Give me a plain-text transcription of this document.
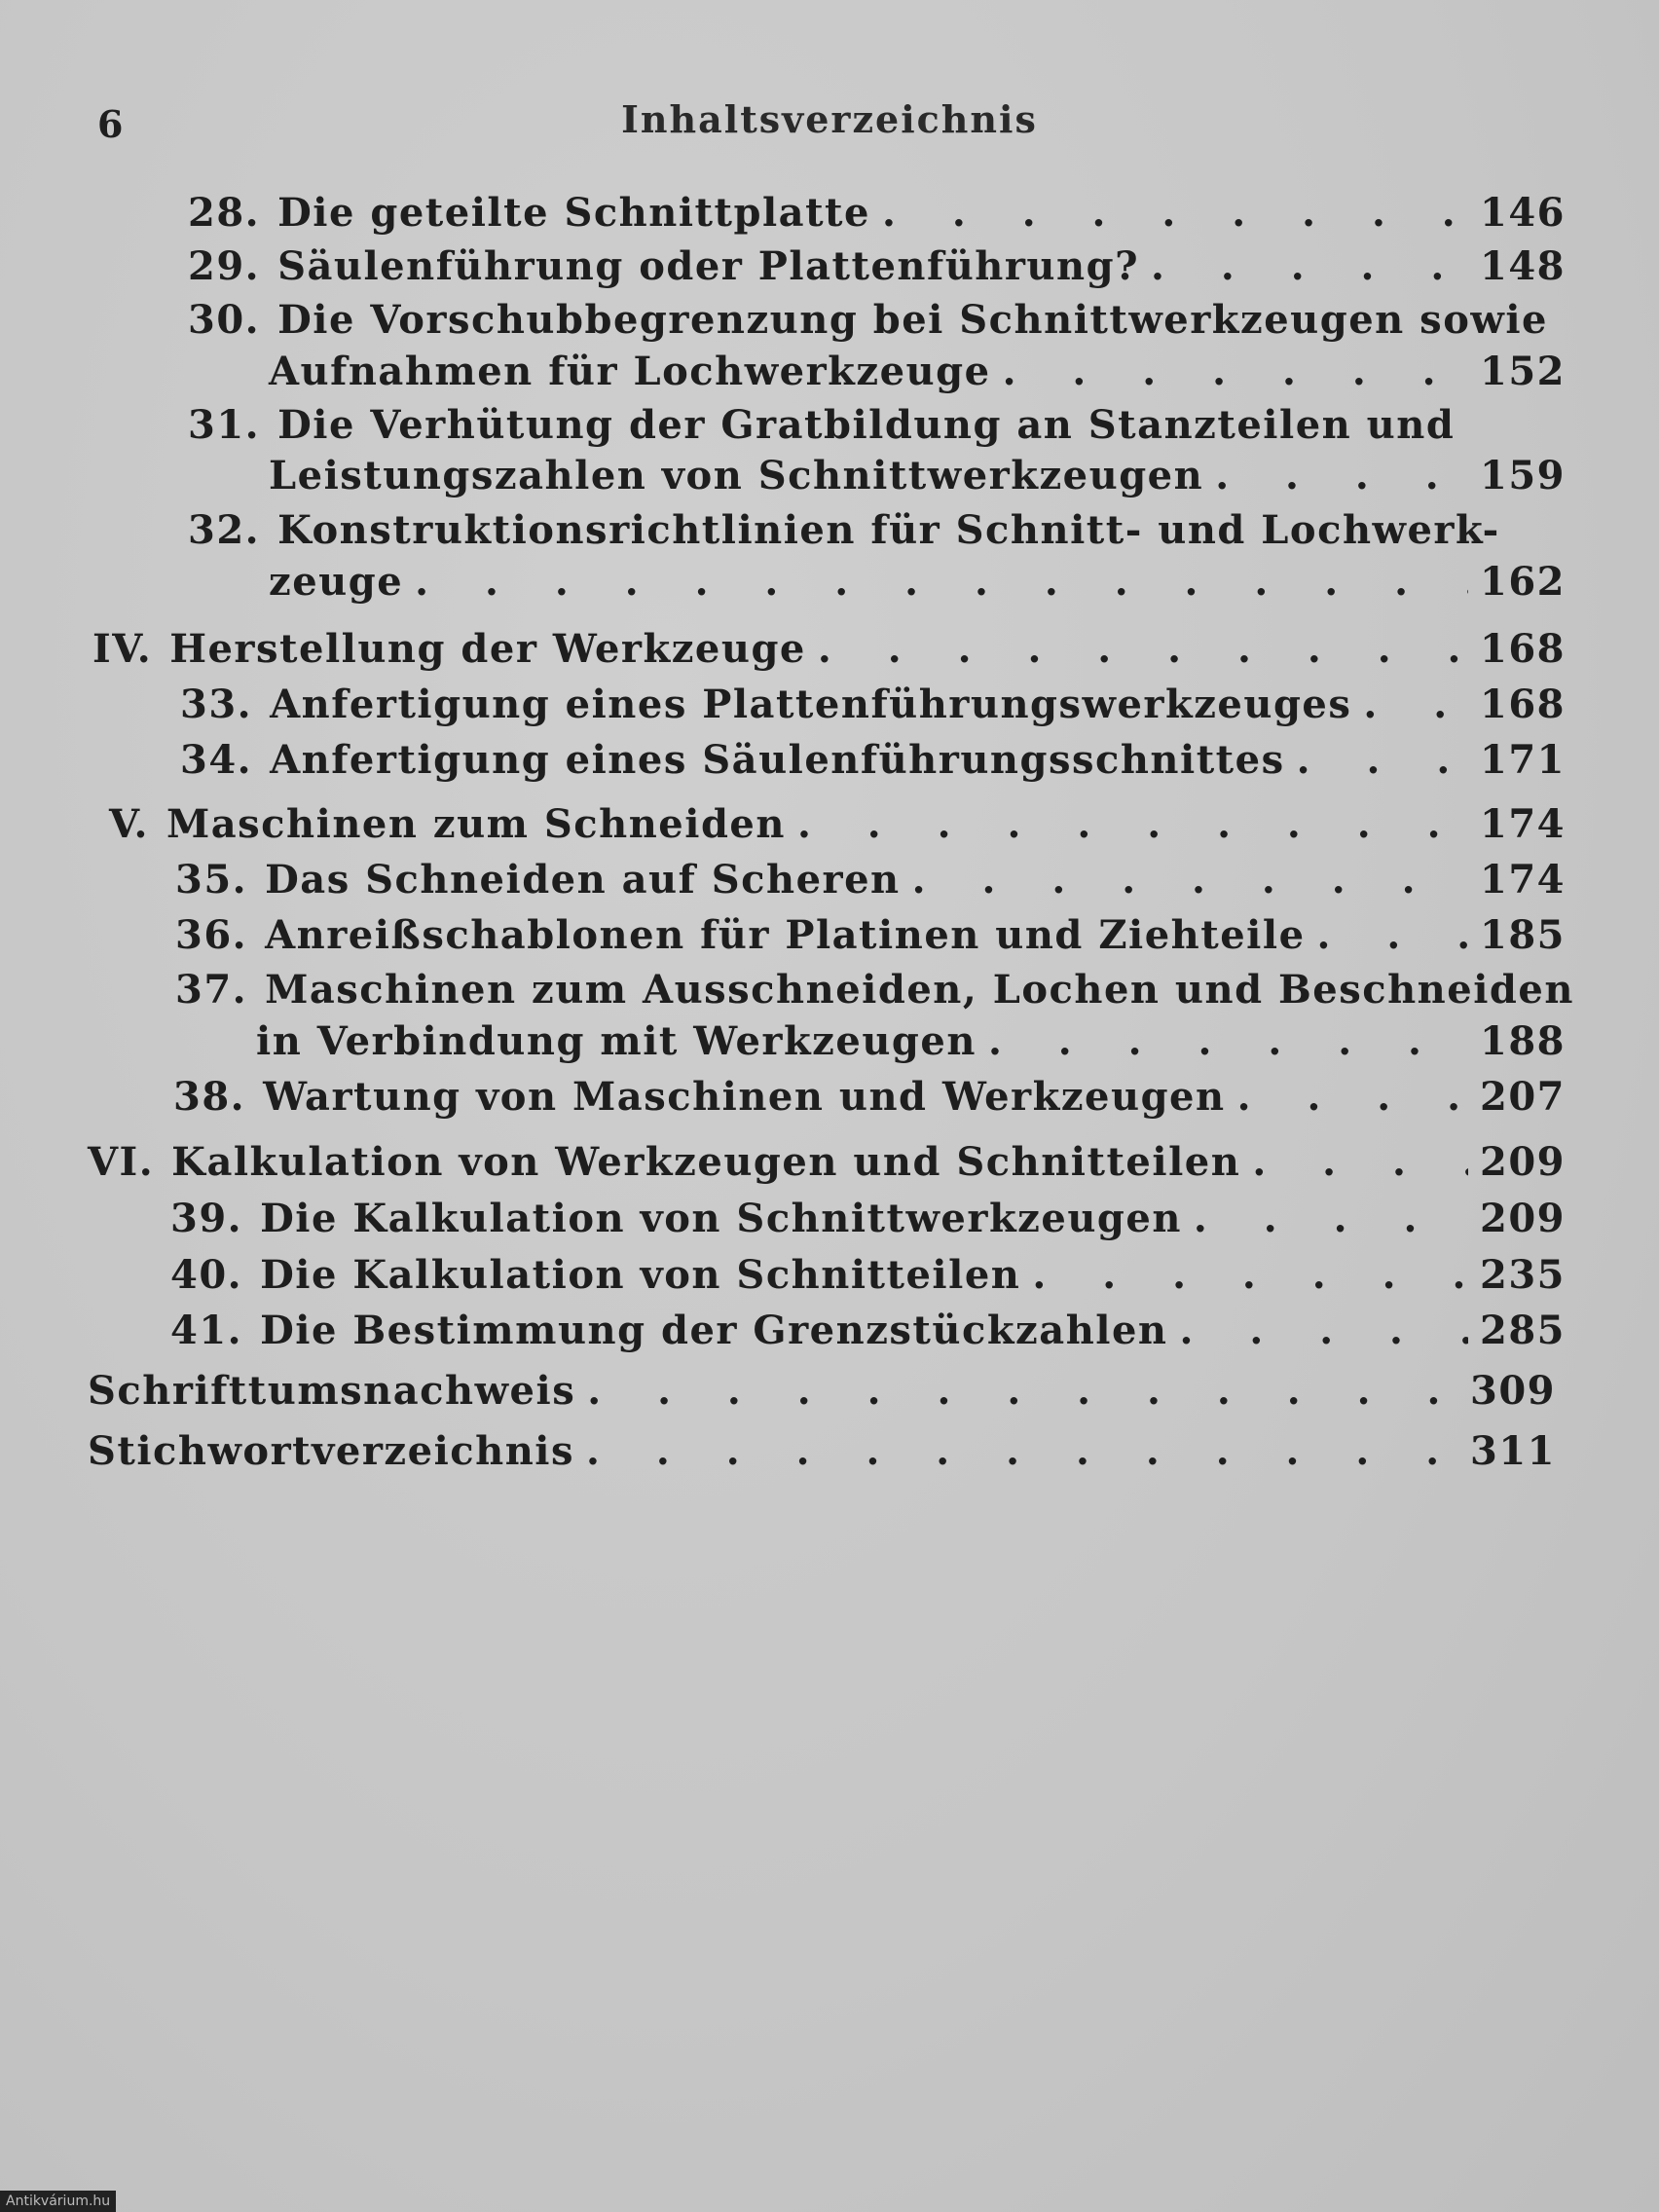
6	Inhaltsverzeichnis
28. Die geteilte Schnittplatte . . .	146
29. Säulenführung oder Plattenführung? . . .	148
30. Die Vorschubbegrenzung bei Schnittwerkzeugen sowie
Aufnahmen für Lochwerkzeuge . . .	152
31. Die Verhütung der Gratbildung an Stanzteilen und
Leistungszahlen von Schnittwerkzeugen . . .	159
32. Konstruktionsrichtlinien für Schnitt- und Lochwerk-
zeuge . . .	162
IV. Herstellung der Werkzeuge . . .	168
33. Anfertigung eines Plattenführungswerkzeuges . . .	168
34. Anfertigung eines Säulenführungsschnittes . . .	171
V. Maschinen zum Schneiden . . .	174
35. Das Schneiden auf Scheren . . .	174
36. Anreißschablonen für Platinen und Ziehteile . . .	185
37. Maschinen zum Ausschneiden, Lochen und Beschneiden
in Verbindung mit Werkzeugen . . .	188
38. Wartung von Maschinen und Werkzeugen . . .	207
VI. Kalkulation von Werkzeugen und Schnitteilen . . .	209
39. Die Kalkulation von Schnittwerkzeugen . . .	209
40. Die Kalkulation von Schnitteilen . . .	235
41. Die Bestimmung der Grenzstückzahlen . . .	285
Schrifttumsnachweis . . .	309
Stichwortverzeichnis . . .	311
Antikvárium.hu
